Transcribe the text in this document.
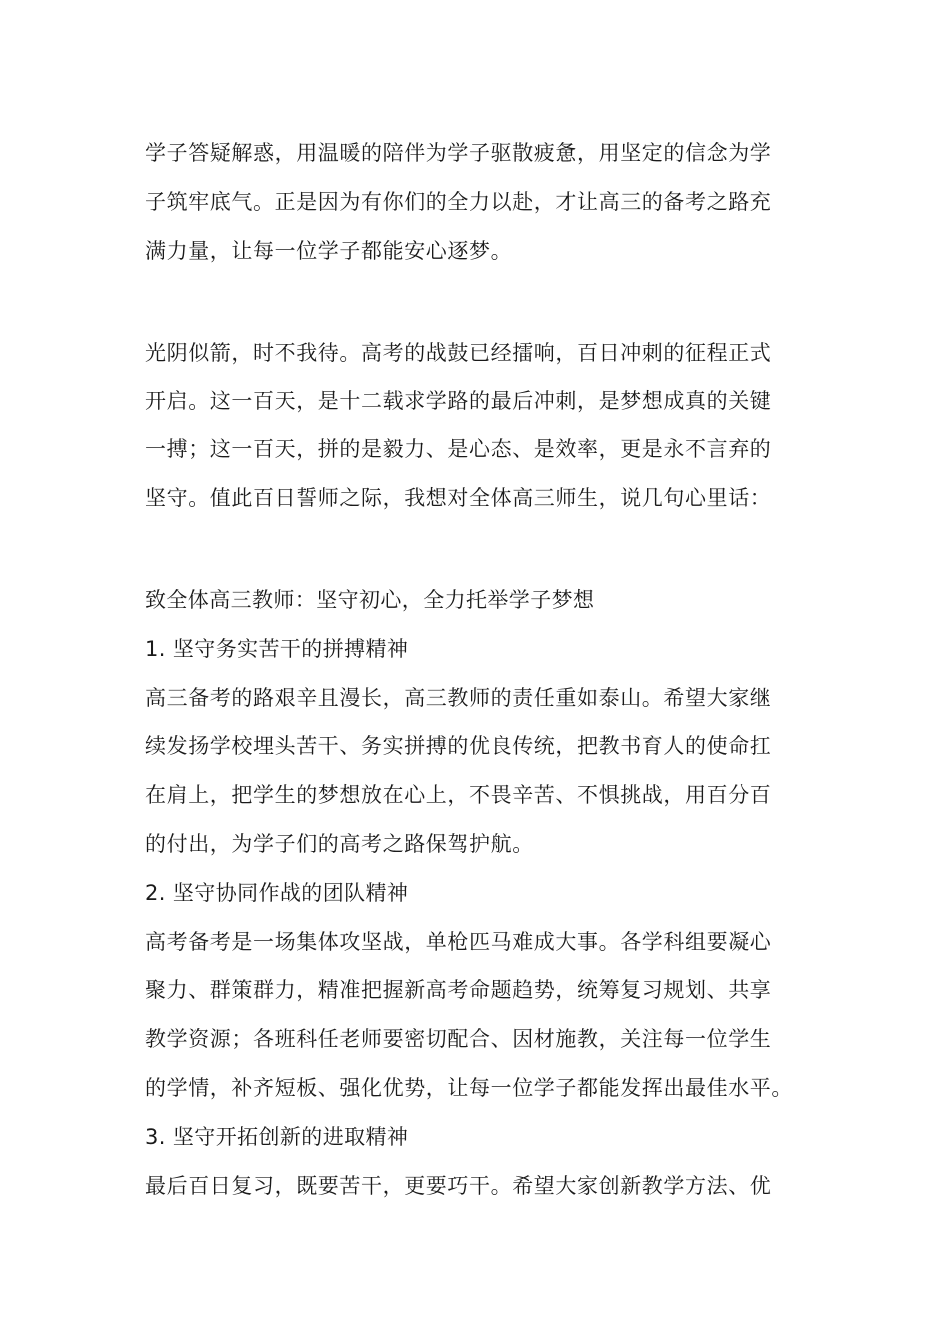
学子答疑解惑，用温暖的陪伴为学子驱散疲惫，用坚定的信念为学
子筑牢底气。正是因为有你们的全力以赴，才让高三的备考之路充
满力量，让每一位学子都能安心逐梦。
光阴似箭，时不我待。高考的战鼓已经擂响，百日冲刺的征程正式
开启。这一百天，是十二载求学路的最后冲刺，是梦想成真的关键
一搏；这一百天，拼的是毅力、是心态、是效率，更是永不言弃的
坚守。值此百日誓师之际，我想对全体高三师生，说几句心里话：
致全体高三教师：坚守初心，全力托举学子梦想
1. 坚守务实苦干的拼搏精神
高三备考的路艰辛且漫长，高三教师的责任重如泰山。希望大家继
续发扬学校埋头苦干、务实拼搏的优良传统，把教书育人的使命扛
在肩上，把学生的梦想放在心上，不畏辛苦、不惧挑战，用百分百
的付出，为学子们的高考之路保驾护航。
2. 坚守协同作战的团队精神
高考备考是一场集体攻坚战，单枪匹马难成大事。各学科组要凝心
聚力、群策群力，精准把握新高考命题趋势，统筹复习规划、共享
教学资源；各班科任老师要密切配合、因材施教，关注每一位学生
的学情，补齐短板、强化优势，让每一位学子都能发挥出最佳水平。
3. 坚守开拓创新的进取精神
最后百日复习，既要苦干，更要巧干。希望大家创新教学方法、优
